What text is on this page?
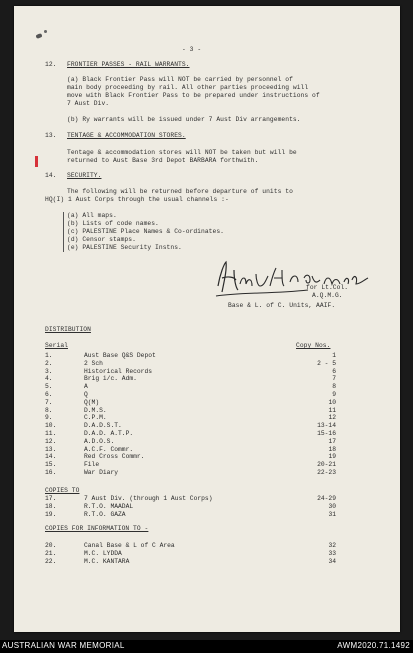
- 3 -
12. FRONTIER PASSES - RAIL WARRANTS.
(a) Black Frontier Pass will NOT be carried by personnel of
main body proceeding by rail. All other parties proceeding will
move with Black Frontier Pass to be prepared under instructions of
7 Aust Div.
(b) Ry warrants will be issued under 7 Aust Div arrangements.
13. TENTAGE & ACCOMMODATION STORES.
Tentage & accommodation stores will NOT be taken but will be
returned to Aust Base 3rd Depot BARBARA forthwith.
14. SECURITY.
The following will be returned before departure of units to
HQ(I) 1 Aust Corps through the usual channels :-
(a) All maps.
(b) Lists of code names.
(c) PALESTINE Place Names & Co-ordinates.
(d) Censor stamps.
(e) PALESTINE Security Instns.
for Lt.Col.
A.Q.M.G.
Base & L. of C. Units, AAIF.
DISTRIBUTION
Serial	Copy Nos.
1.	Aust Base Q&S Depot	1
2.	2 Sch	2 - 5
3.	Historical Records	6
4.	Brig i/c. Adm.	7
5.	A	8
6.	Q	9
7.	Q(M)	10
8.	D.M.S.	11
9.	C.P.M.	12
10.	D.A.D.S.T.	13-14
11.	D.A.D. A.T.P.	15-16
12.	A.D.O.S.	17
13.	A.C.F. Commr.	18
14.	Red Cross Commr.	19
15.	File	20-21
16.	War Diary	22-23
COPIES TO
17.	7 Aust Div. (through 1 Aust Corps)	24-29
18.	R.T.O. MAADAL	30
19.	R.T.O. GAZA	31
COPIES FOR INFORMATION TO -
20.	Canal Base & L of C Area	32
21.	M.C. LYDDA	33
22.	M.C. KANTARA	34
AUSTRALIAN WAR MEMORIAL	AWM2020.71.1492
